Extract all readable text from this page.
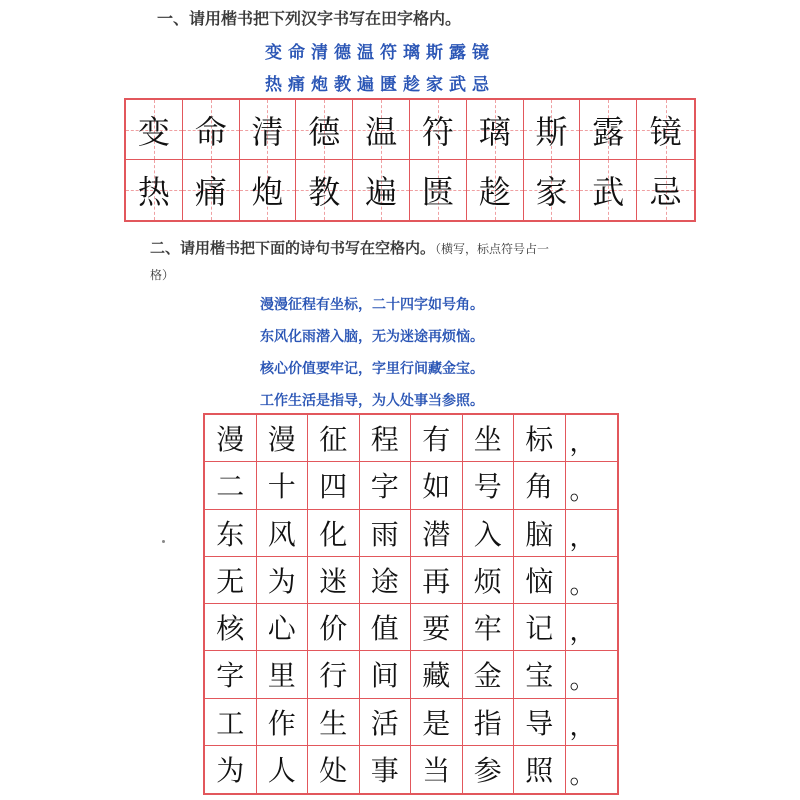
一、请用楷书把下列汉字书写在田字格内。
变命清德温符璃斯露镜
热痛炮教遍匮趁家武忌
变 命 清 德 温 符 璃 斯 露 镜
热 痛 炮 教 遍 匮 趁 家 武 忌
二、请用楷书把下面的诗句书写在空格内。（横写，标点符号占一
格）
漫漫征程有坐标，二十四字如号角。
东风化雨潜入脑，无为迷途再烦恼。
核心价值要牢记，字里行间藏金宝。
工作生活是指导，为人处事当参照。
漫 漫 征 程 有 坐 标 ，
二 十 四 字 如 号 角 。
东 风 化 雨 潜 入 脑 ，
无 为 迷 途 再 烦 恼 。
核 心 价 值 要 牢 记 ，
字 里 行 间 藏 金 宝 。
工 作 生 活 是 指 导 ，
为 人 处 事 当 参 照 。
